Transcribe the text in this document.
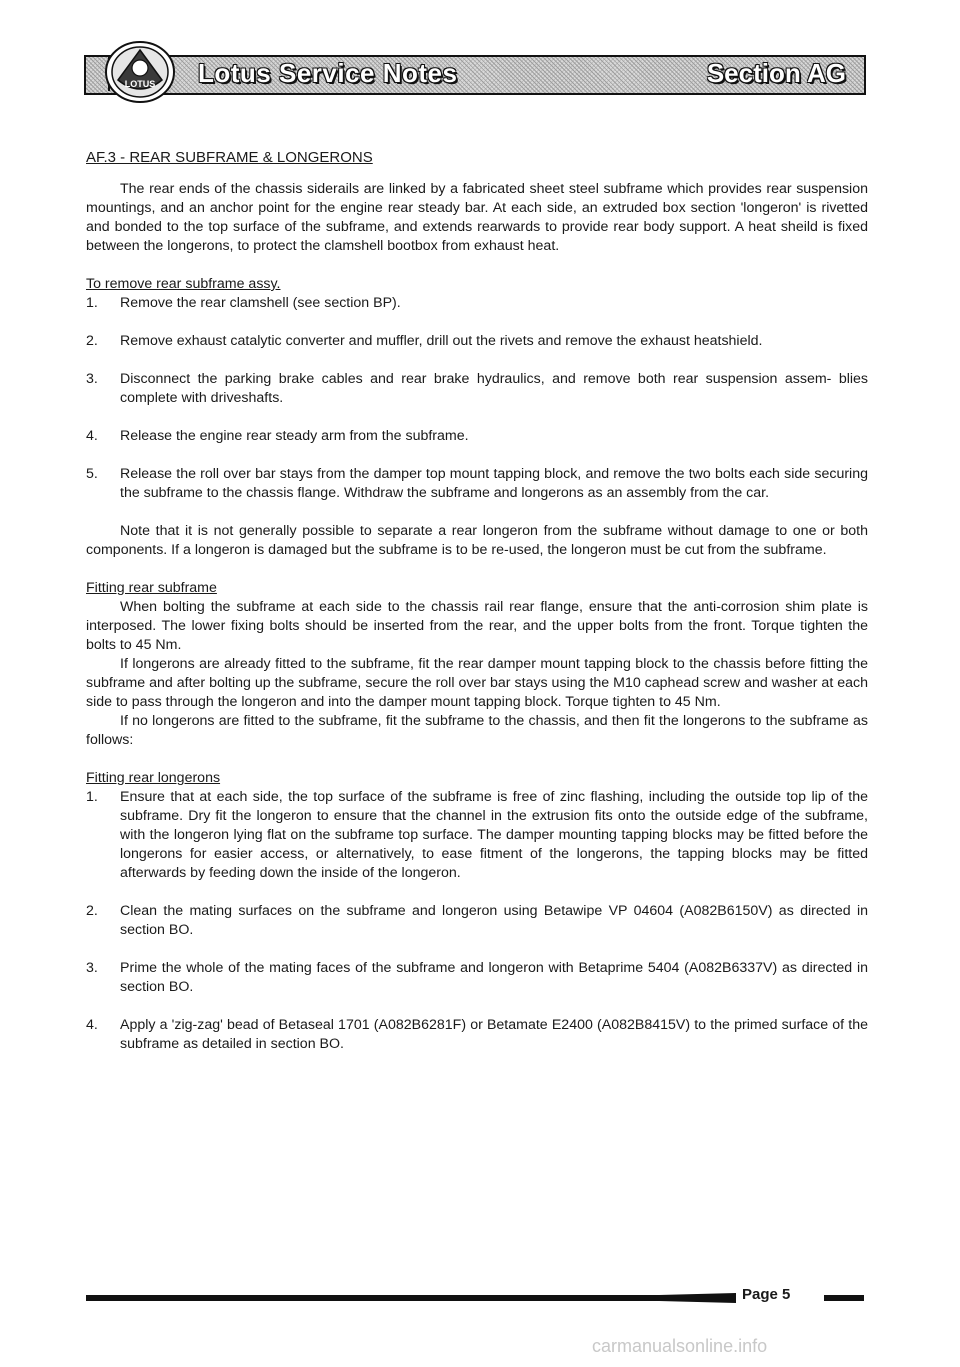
LOTUS Lotus Service Notes	Section AG
AF.3 - REAR SUBFRAME & LONGERONS

The rear ends of the chassis siderails are linked by a fabricated sheet steel subframe which provides rear suspension mountings, and an anchor point for the engine rear steady bar. At each side, an extruded box section 'longeron' is rivetted and bonded to the top surface of the subframe, and extends rearwards to provide rear body support. A heat sheild is fixed between the longerons, to protect the clamshell bootbox from exhaust heat.

To remove rear subframe assy.
1.	Remove the rear clamshell (see section BP).
2.	Remove exhaust catalytic converter and muffler, drill out the rivets and remove the exhaust heatshield.
3.	Disconnect the parking brake cables and rear brake hydraulics, and remove both rear suspension assem- blies complete with driveshafts.
4.	Release the engine rear steady arm from the subframe.
5.	Release the roll over bar stays from the damper top mount tapping block, and remove the two bolts each side securing the subframe to the chassis flange. Withdraw the subframe and longerons as an assembly from the car.

Note that it is not generally possible to separate a rear longeron from the subframe without damage to one or both components. If a longeron is damaged but the subframe is to be re-used, the longeron must be cut from the subframe.

Fitting rear subframe

When bolting the subframe at each side to the chassis rail rear flange, ensure that the anti-corrosion shim plate is interposed. The lower fixing bolts should be inserted from the rear, and the upper bolts from the front. Torque tighten the bolts to 45 Nm.

If longerons are already fitted to the subframe, fit the rear damper mount tapping block to the chassis before fitting the subframe and after bolting up the subframe, secure the roll over bar stays using the M10 caphead screw and washer at each side to pass through the longeron and into the damper mount tapping block. Torque tighten to 45 Nm.

If no longerons are fitted to the subframe, fit the subframe to the chassis, and then fit the longerons to the subframe as follows:

Fitting rear longerons
1.	Ensure that at each side, the top surface of the subframe is free of zinc flashing, including the outside top lip of the subframe. Dry fit the longeron to ensure that the channel in the extrusion fits onto the outside edge of the subframe, with the longeron lying flat on the subframe top surface. The damper mounting tapping blocks may be fitted before the longerons for easier access, or alternatively, to ease fitment of the longerons, the tapping blocks may be fitted afterwards by feeding down the inside of the longeron.
2.	Clean the mating surfaces on the subframe and longeron using Betawipe VP 04604 (A082B6150V) as directed in section BO.
3.	Prime the whole of the mating faces of the subframe and longeron with Betaprime 5404 (A082B6337V) as directed in section BO.
4.	Apply a 'zig-zag' bead of Betaseal 1701 (A082B6281F) or Betamate E2400 (A082B8415V) to the primed surface of the subframe as detailed in section BO.
Page 5
carmanualsonline.info
